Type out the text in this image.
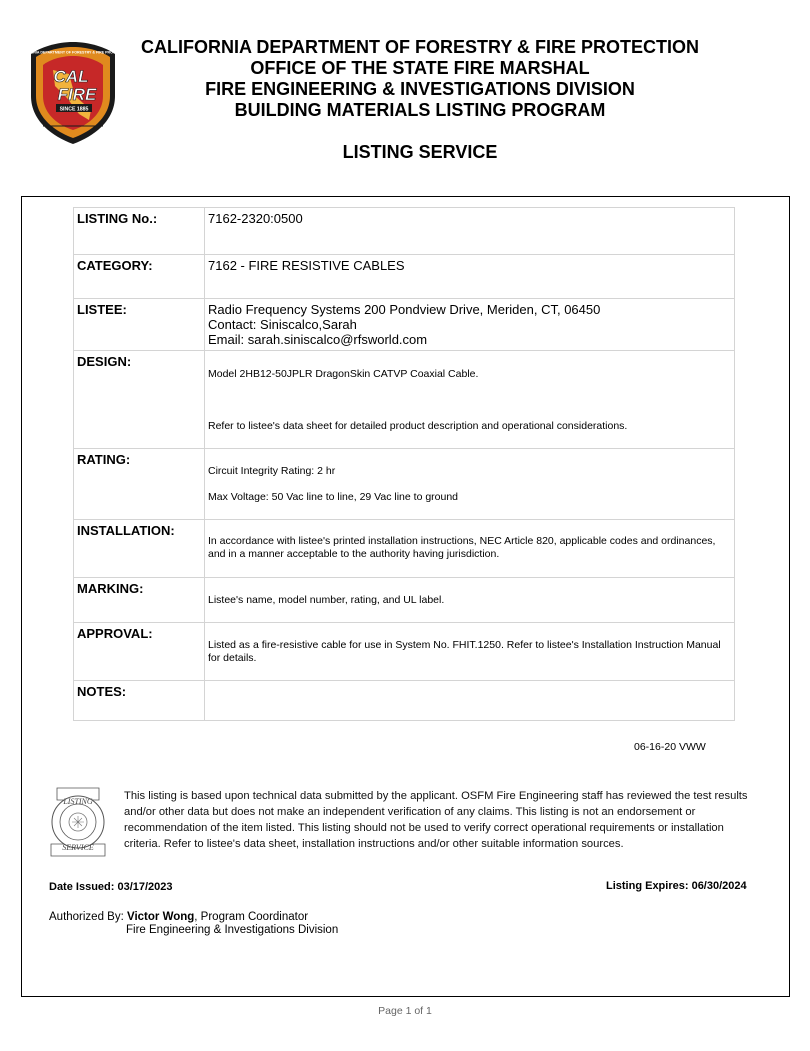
CALIFORNIA DEPARTMENT OF FORESTRY & FIRE PROTECTION
CAL
FIRE
SINCE 1885
CALIFORNIA DEPARTMENT OF FORESTRY & FIRE PROTECTION
OFFICE OF THE STATE FIRE MARSHAL
FIRE ENGINEERING & INVESTIGATIONS DIVISION
BUILDING MATERIALS LISTING PROGRAM
LISTING SERVICE
LISTING No.:	7162-2320:0500
CATEGORY:	7162 - FIRE RESISTIVE CABLES
LISTEE:	Radio Frequency Systems 200 Pondview Drive, Meriden, CT, 06450
Contact: Siniscalco,Sarah
Email: sarah.siniscalco@rfsworld.com

DESIGN:	Model 2HB12-50JPLR DragonSkin CATVP Coaxial Cable.
Refer to listee's data sheet for detailed product description and operational considerations.

RATING:	Circuit Integrity Rating: 2 hr
Max Voltage: 50 Vac line to line, 29 Vac line to ground

INSTALLATION:	In accordance with listee's printed installation instructions, NEC Article 820, applicable codes and ordinances, and in a manner acceptable to the authority having jurisdiction.

MARKING:	Listee's name, model number, rating, and UL label.

APPROVAL:	Listed as a fire-resistive cable for use in System No. FHIT.1250. Refer to listee's Installation Instruction Manual for details.

NOTES:	
06-16-20 VWW
LISTING
SERVICE
This listing is based upon technical data submitted by the applicant. OSFM Fire Engineering staff has reviewed the test results and/or other data but does not make an independent verification of any claims. This listing is not an endorsement or recommendation of the item listed. This listing should not be used to verify correct operational requirements or installation criteria. Refer to listee's data sheet, installation instructions and/or other suitable information sources.
Date Issued: 03/17/2023	Listing Expires: 06/30/2024
Authorized By: Victor Wong, Program Coordinator
Fire Engineering & Investigations Division
Page 1 of 1
